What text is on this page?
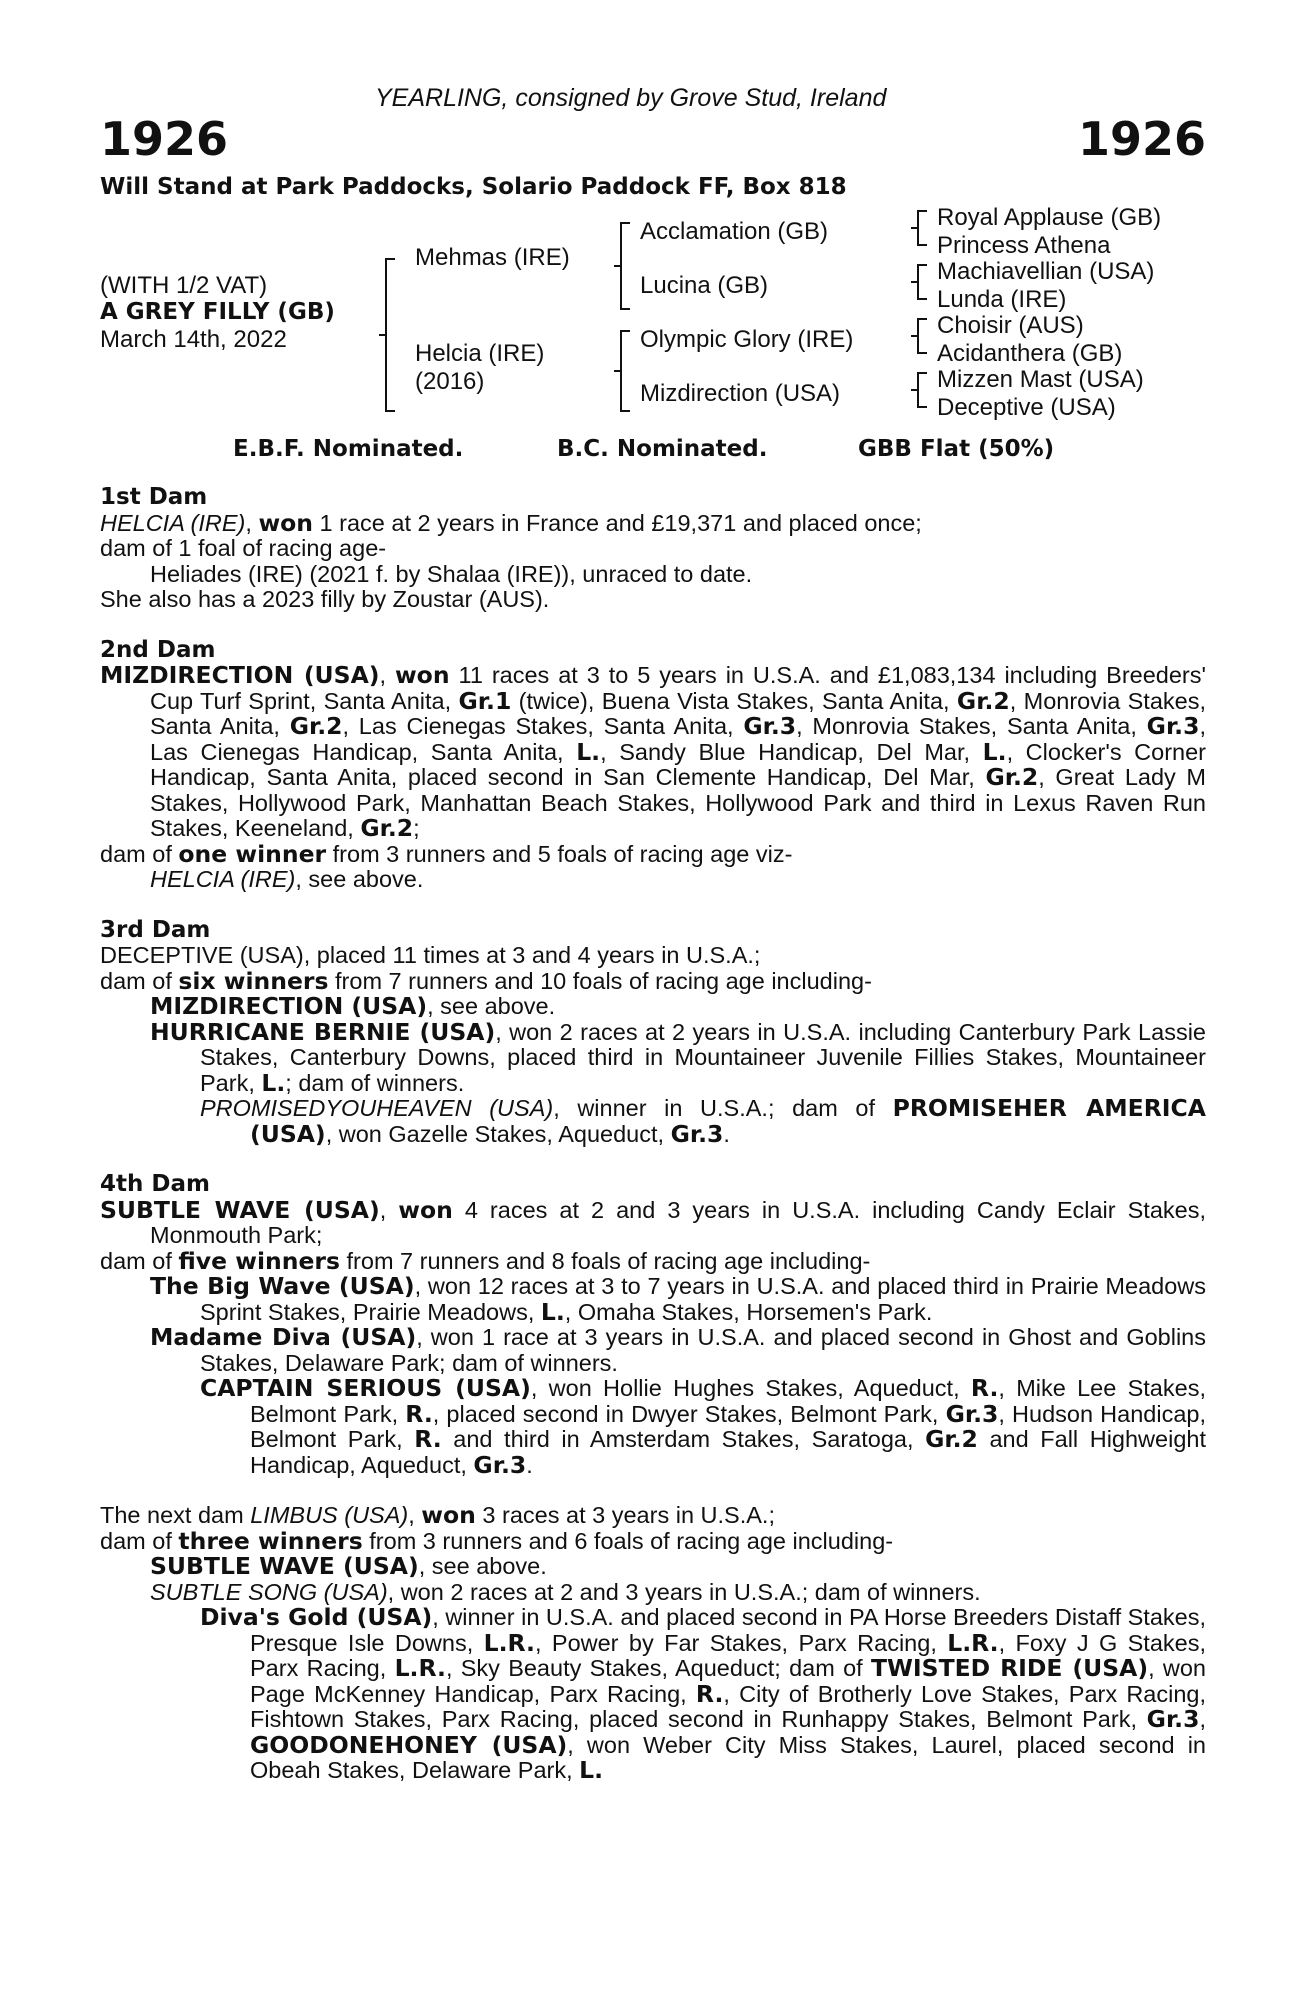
YEARLING, consigned by Grove Stud, Ireland
1926	1926
Will Stand at Park Paddocks, Solario Paddock FF, Box 818
(WITH 1/2 VAT)
A GREY FILLY (GB)
March 14th, 2022
Mehmas (IRE)
Helcia (IRE)
(2016)
Acclamation (GB)
Lucina (GB)
Olympic Glory (IRE)
Mizdirection (USA)
Royal Applause (GB)
Princess Athena
Machiavellian (USA)
Lunda (IRE)
Choisir (AUS)
Acidanthera (GB)
Mizzen Mast (USA)
Deceptive (USA)
E.B.F. Nominated.	B.C. Nominated.	GBB Flat (50%)

1st Dam

HELCIA (IRE), won 1 race at 2 years in France and £19,371 and placed once;

dam of 1 foal of racing age-

Heliades (IRE) (2021 f. by Shalaa (IRE)), unraced to date.

She also has a 2023 filly by Zoustar (AUS).

2nd Dam

MIZDIRECTION (USA), won 11 races at 3 to 5 years in U.S.A. and £1,083,134 including Breeders' Cup Turf Sprint, Santa Anita, Gr.1 (twice), Buena Vista Stakes, Santa Anita, Gr.2, Monrovia Stakes, Santa Anita, Gr.2, Las Cienegas Stakes, Santa Anita, Gr.3, Monrovia Stakes, Santa Anita, Gr.3, Las Cienegas Handicap, Santa Anita, L., Sandy Blue Handicap, Del Mar, L., Clocker's Corner Handicap, Santa Anita, placed second in San Clemente Handicap, Del Mar, Gr.2, Great Lady M Stakes, Hollywood Park, Manhattan Beach Stakes, Hollywood Park and third in Lexus Raven Run Stakes, Keeneland, Gr.2;

dam of one winner from 3 runners and 5 foals of racing age viz-

HELCIA (IRE), see above.

3rd Dam

DECEPTIVE (USA), placed 11 times at 3 and 4 years in U.S.A.;

dam of six winners from 7 runners and 10 foals of racing age including-

MIZDIRECTION (USA), see above.

HURRICANE BERNIE (USA), won 2 races at 2 years in U.S.A. including Canterbury Park Lassie Stakes, Canterbury Downs, placed third in Mountaineer Juvenile Fillies Stakes, Mountaineer Park, L.; dam of winners.

PROMISEDYOUHEAVEN (USA), winner in U.S.A.; dam of PROMISEHER AMERICA (USA), won Gazelle Stakes, Aqueduct, Gr.3.

4th Dam

SUBTLE WAVE (USA), won 4 races at 2 and 3 years in U.S.A. including Candy Eclair Stakes, Monmouth Park;

dam of five winners from 7 runners and 8 foals of racing age including-

The Big Wave (USA), won 12 races at 3 to 7 years in U.S.A. and placed third in Prairie Meadows Sprint Stakes, Prairie Meadows, L., Omaha Stakes, Horsemen's Park.

Madame Diva (USA), won 1 race at 3 years in U.S.A. and placed second in Ghost and Goblins Stakes, Delaware Park; dam of winners.

CAPTAIN SERIOUS (USA), won Hollie Hughes Stakes, Aqueduct, R., Mike Lee Stakes, Belmont Park, R., placed second in Dwyer Stakes, Belmont Park, Gr.3, Hudson Handicap, Belmont Park, R. and third in Amsterdam Stakes, Saratoga, Gr.2 and Fall Highweight Handicap, Aqueduct, Gr.3.

The next dam LIMBUS (USA), won 3 races at 3 years in U.S.A.;

dam of three winners from 3 runners and 6 foals of racing age including-

SUBTLE WAVE (USA), see above.

SUBTLE SONG (USA), won 2 races at 2 and 3 years in U.S.A.; dam of winners.

Diva's Gold (USA), winner in U.S.A. and placed second in PA Horse Breeders Distaff Stakes, Presque Isle Downs, L.R., Power by Far Stakes, Parx Racing, L.R., Foxy J G Stakes, Parx Racing, L.R., Sky Beauty Stakes, Aqueduct; dam of TWISTED RIDE (USA), won Page McKenney Handicap, Parx Racing, R., City of Brotherly Love Stakes, Parx Racing, Fishtown Stakes, Parx Racing, placed second in Runhappy Stakes, Belmont Park, Gr.3, GOODONEHONEY (USA), won Weber City Miss Stakes, Laurel, placed second in Obeah Stakes, Delaware Park, L.
